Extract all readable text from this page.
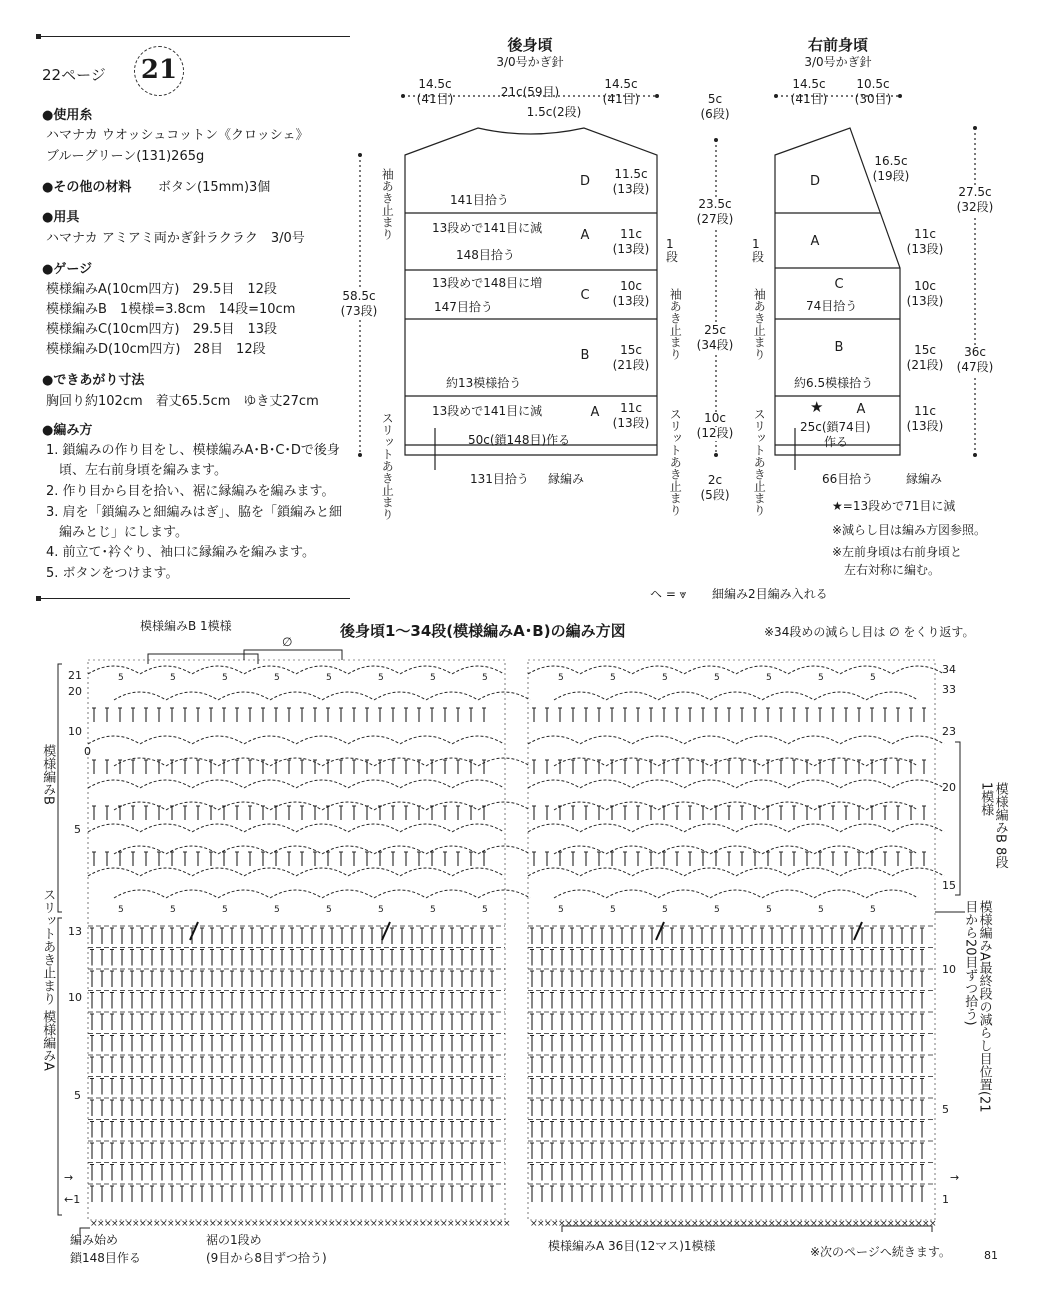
22ページ 21
●使用糸
ハマナカ ウオッシュコットン《クロッシェ》
ブルーグリーン(131)265g
●その他の材料 ボタン(15mm)3個
●用具
ハマナカ アミアミ両かぎ針ラクラク　3/0号
●ゲージ
模様編みA(10cm四方)　29.5目　12段
模様編みB　1模様=3.8cm　14段=10cm
模様編みC(10cm四方)　29.5目　13段
模様編みD(10cm四方)　28目　12段
●できあがり寸法
胸回り約102cm　着丈65.5cm　ゆき丈27cm
●編み方
1. 鎖編みの作り目をし、模様編みA･B･C･Dで後身
　頃、左右前身頃を編みます。
2. 作り目から目を拾い、裾に縁編みを編みます。
3. 肩を「鎖編みと細編みはぎ」、脇を「鎖編みと細
　編みとじ」にします。
4. 前立て･衿ぐり、袖口に縁編みを編みます。
5. ボタンをつけます。
後身頃
3/0号かぎ針
14.5c
(41目)	21c(59目)
14.5c
(41目)
1.5c(2段)
D
A
C
B
A
11.5c
(13段)
11c
(13段)
10c
(13段)
15c
(21段)
11c
(13段)
141目拾う
13段めで141目に減
148目拾う
13段めで148目に増
147目拾う
約13模様拾う
13段めで141目に減
50c(鎖148目)作る
131目拾う 縁編み
58.5c
(73段)
袖あき止まり
スリットあき止まり
袖あき止まり
スリットあき止まり
1段
5c
(6段)
23.5c
(27段)
25c
(34段)
10c
(12段)
2c
(5段)
右前身頃
3/0号かぎ針
14.5c
(41目)
10.5c
(30目)
16.5c
(19段)
D
A
C
B
A
11c
(13段)
10c
(13段)
15c
(21段)
11c
(13段)
74目拾う
約6.5模様拾う
★
25c(鎖74目)
作る
66目拾う	縁編み
27.5c
(32段)
36c
(47段)
1段
袖あき止まり
スリットあき止まり	★=13段めで71目に減
※減らし目は編み方図参照。
※左前身頃は右前身頃と
　左右対称に編む。
ヘ = ⩔ 細編み2目編み入れる
後身頃1〜34段(模様編みA･B)の編み方図	※34段めの減らし目は ∅ をくり返す。
模様編みB 1模様
∅
× × × × × × × × × × × × × × × × × × × × × × × × × × × × × × × × × × × × × × × × × × × × × × × × × × × × × × × × × × × ×
5
5
5
5
5
5
5
5
5
5
5
5
5
5
5
5
× × × × × × × × × × × × × × × × × × × × × × × × × × × × × × × × × × × × × × × × × × × × × × × × × × × × × × × × × ×
5
5
5
5
5
5
5
5
5
5
5
5
5
5
模様編みB
スリットあき止まり
模様編みA
模様編みB 8段1模様
模様編みA最終段の減らし目位置(21目から20目ずつ拾う)
21
20
10
0
5
13
10
5
→
←1
34
33
23
20
15
10
5
→
1
編み始め
鎖148目作る
裾の1段め
(9目から8目ずつ拾う)
模様編みA 36目(12マス)1模様	※次のページへ続きます。	81
